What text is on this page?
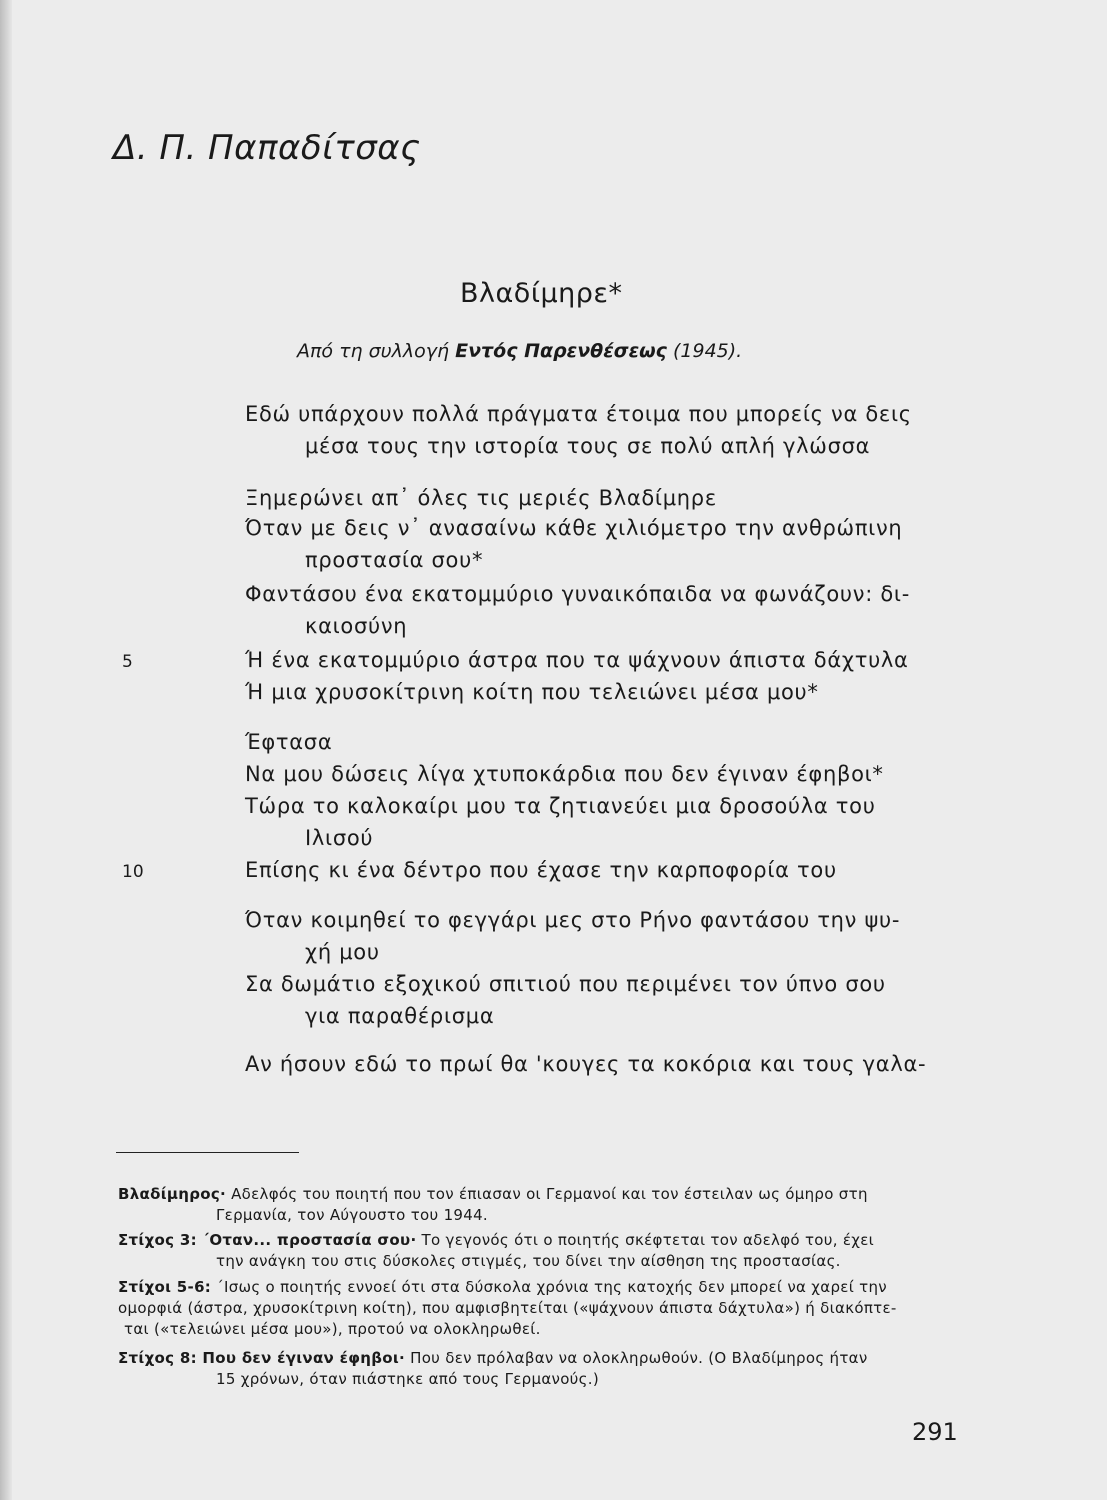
Δ. Π. Παπαδίτσας
Βλαδίμηρε*
Από τη συλλογή Εντός Παρενθέσεως (1945).
Εδώ υπάρχουν πολλά πράγματα έτοιμα που μπορείς να δεις
μέσα τους την ιστορία τους σε πολύ απλή γλώσσα
Ξημερώνει απ᾽ όλες τις μεριές Βλαδίμηρε
Όταν με δεις ν᾽ ανασαίνω κάθε χιλιόμετρο την ανθρώπινη
προστασία σου*
Φαντάσου ένα εκατομμύριο γυναικόπαιδα να φωνάζουν: δι-
καιοσύνη
5	Ή ένα εκατομμύριο άστρα που τα ψάχνουν άπιστα δάχτυλα
Ή μια χρυσοκίτρινη κοίτη που τελειώνει μέσα μου*
Έφτασα
Να μου δώσεις λίγα χτυποκάρδια που δεν έγιναν έφηβοι*
Τώρα το καλοκαίρι μου τα ζητιανεύει μια δροσούλα του
Ιλισού
10	Επίσης κι ένα δέντρο που έχασε την καρποφορία του
Όταν κοιμηθεί το φεγγάρι μες στο Ρήνο φαντάσου την ψυ-
χή μου
Σα δωμάτιο εξοχικού σπιτιού που περιμένει τον ύπνο σου
για παραθέρισμα
Αν ήσουν εδώ το πρωί θα 'κουγες τα κοκόρια και τους γαλα-
Βλαδίμηρος· Αδελφός του ποιητή που τον έπιασαν οι Γερμανοί και τον έστειλαν ως όμηρο στη
Γερμανία, τον Αύγουστο του 1944.
Στίχος 3: ΄Οταν... προστασία σου· Το γεγονός ότι ο ποιητής σκέφτεται τον αδελφό του, έχει
την ανάγκη του στις δύσκολες στιγμές, του δίνει την αίσθηση της προστασίας.
Στίχοι 5-6: ΄Ισως ο ποιητής εννοεί ότι στα δύσκολα χρόνια της κατοχής δεν μπορεί να χαρεί την
ομορφιά (άστρα, χρυσοκίτρινη κοίτη), που αμφισβητείται («ψάχνουν άπιστα δάχτυλα») ή διακόπτε-
ται («τελειώνει μέσα μου»), προτού να ολοκληρωθεί.
Στίχος 8: Που δεν έγιναν έφηβοι· Που δεν πρόλαβαν να ολοκληρωθούν. (Ο Βλαδίμηρος ήταν
15 χρόνων, όταν πιάστηκε από τους Γερμανούς.)
291
